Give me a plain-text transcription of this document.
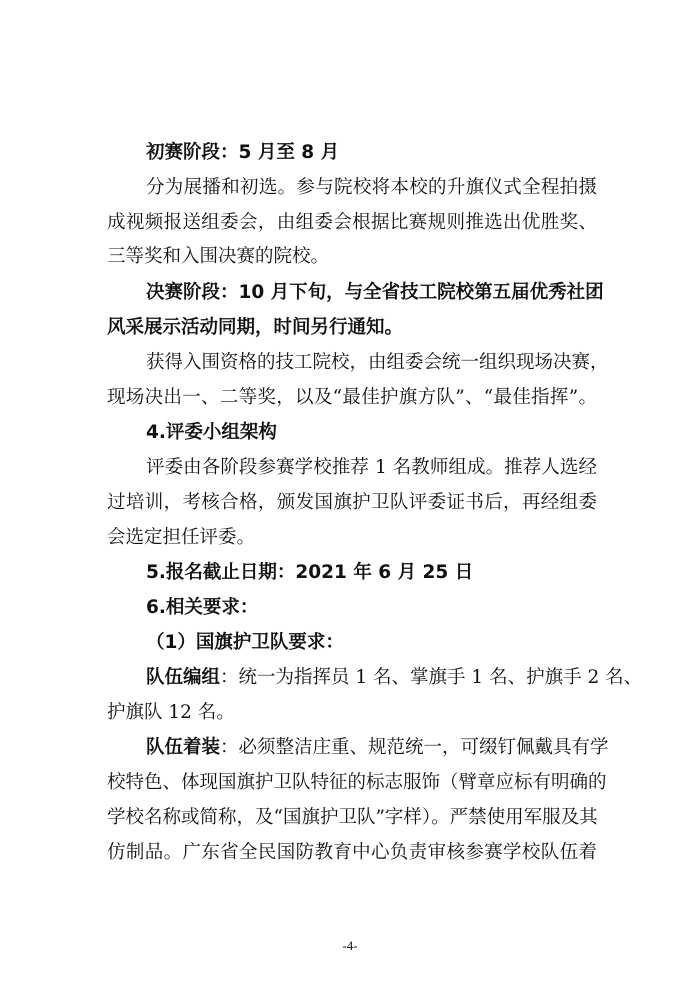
初赛阶段：5 月至 8 月
分为展播和初选。参与院校将本校的升旗仪式全程拍摄
成视频报送组委会，由组委会根据比赛规则推选出优胜奖、
三等奖和入围决赛的院校。
决赛阶段：10 月下旬，与全省技工院校第五届优秀社团
风采展示活动同期，时间另行通知。
获得入围资格的技工院校，由组委会统一组织现场决赛，
现场决出一、二等奖，以及“最佳护旗方队”、“最佳指挥”。
4.评委小组架构
评委由各阶段参赛学校推荐 1 名教师组成。推荐人选经
过培训，考核合格，颁发国旗护卫队评委证书后，再经组委
会选定担任评委。
5.报名截止日期：2021 年 6 月 25 日
6.相关要求：
（1）国旗护卫队要求：
队伍编组：统一为指挥员 1 名、掌旗手 1 名、护旗手 2 名、
护旗队 12 名。
队伍着装：必须整洁庄重、规范统一，可缀钉佩戴具有学
校特色、体现国旗护卫队特征的标志服饰（臂章应标有明确的
学校名称或简称，及“国旗护卫队”字样）。严禁使用军服及其
仿制品。广东省全民国防教育中心负责审核参赛学校队伍着
-4-
